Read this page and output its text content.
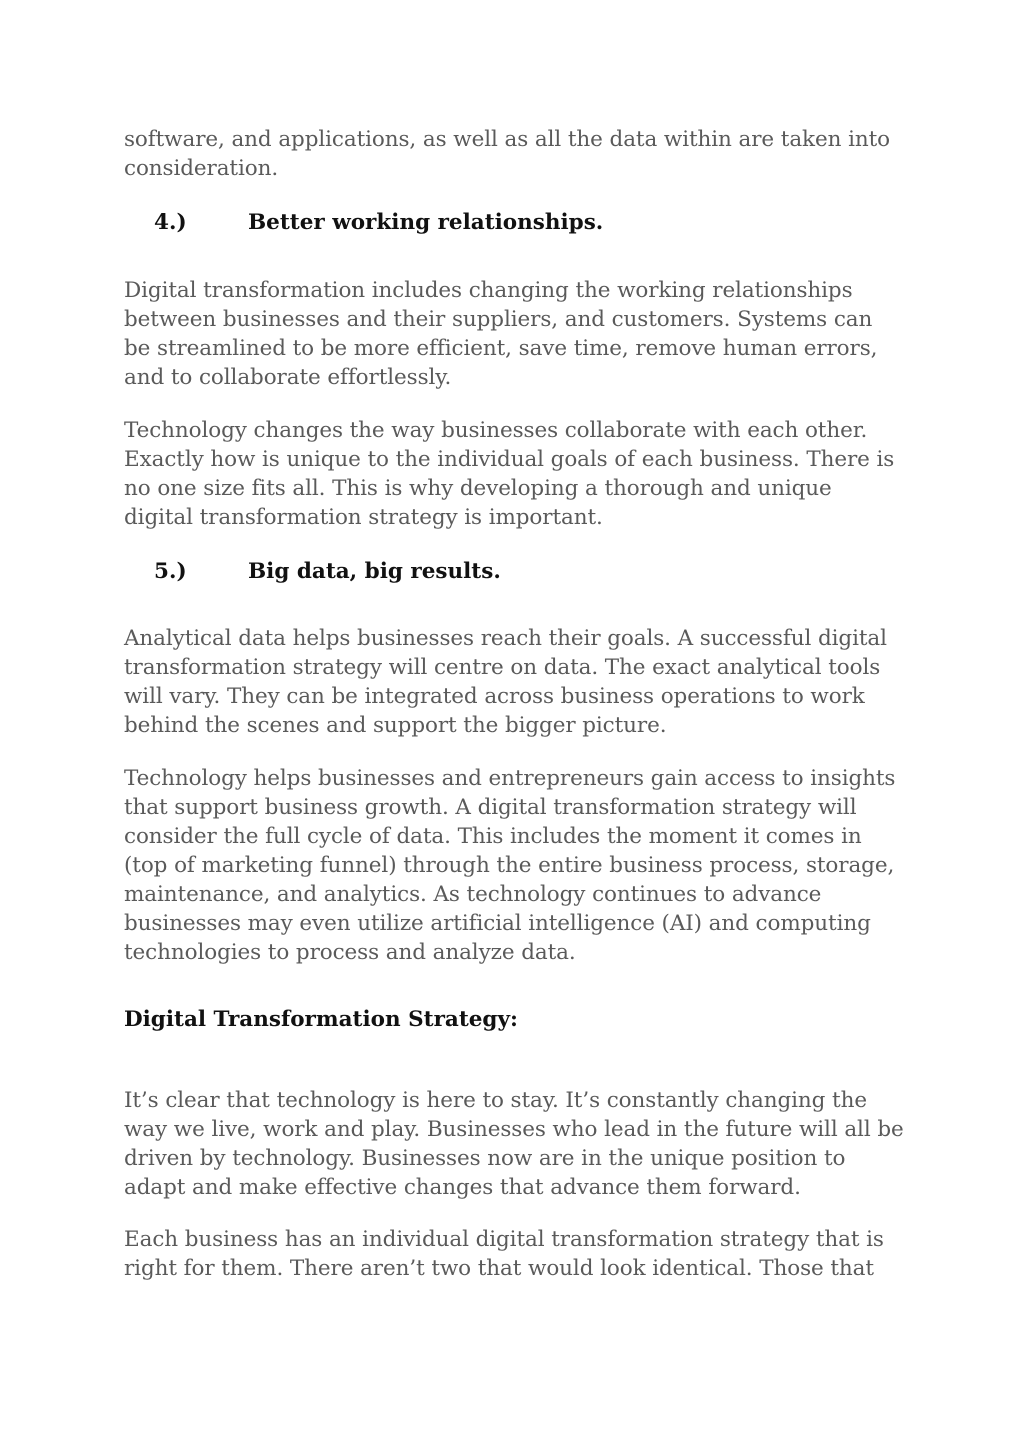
software, and applications, as well as all the data within are taken into consideration.

4.)	Better working relationships.

Digital transformation includes changing the working relationships between businesses and their suppliers, and customers. Systems can be streamlined to be more efficient, save time, remove human errors, and to collaborate effortlessly.

Technology changes the way businesses collaborate with each other. Exactly how is unique to the individual goals of each business. There is no one size fits all. This is why developing a thorough and unique digital transformation strategy is important.

5.)	Big data, big results.

Analytical data helps businesses reach their goals. A successful digital transformation strategy will centre on data. The exact analytical tools will vary. They can be integrated across business operations to work behind the scenes and support the bigger picture.

Technology helps businesses and entrepreneurs gain access to insights that support business growth. A digital transformation strategy will consider the full cycle of data. This includes the moment it comes in (top of marketing funnel) through the entire business process, storage, maintenance, and analytics. As technology continues to advance businesses may even utilize artificial intelligence (AI) and computing technologies to process and analyze data.

Digital Transformation Strategy:

It’s clear that technology is here to stay. It’s constantly changing the way we live, work and play. Businesses who lead in the future will all be driven by technology. Businesses now are in the unique position to adapt and make effective changes that advance them forward.

Each business has an individual digital transformation strategy that is right for them. There aren’t two that would look identical. Those that
